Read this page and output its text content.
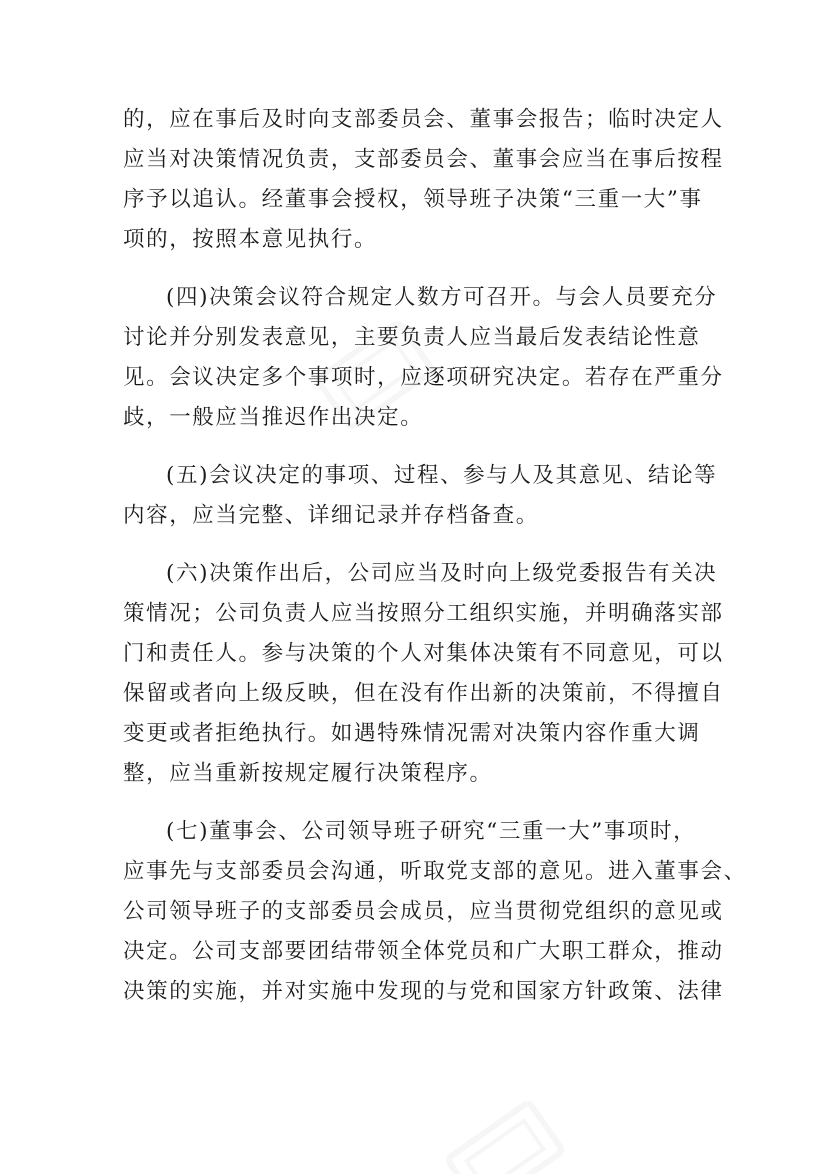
的，应在事后及时向支部委员会、董事会报告；临时决定人
应当对决策情况负责，支部委员会、董事会应当在事后按程
序予以追认。经董事会授权，领导班子决策“三重一大”事
项的，按照本意见执行。
(四)决策会议符合规定人数方可召开。与会人员要充分
讨论并分别发表意见，主要负责人应当最后发表结论性意
见。会议决定多个事项时，应逐项研究决定。若存在严重分
歧，一般应当推迟作出决定。
(五)会议决定的事项、过程、参与人及其意见、结论等
内容，应当完整、详细记录并存档备查。
(六)决策作出后，公司应当及时向上级党委报告有关决
策情况；公司负责人应当按照分工组织实施，并明确落实部
门和责任人。参与决策的个人对集体决策有不同意见，可以
保留或者向上级反映，但在没有作出新的决策前，不得擅自
变更或者拒绝执行。如遇特殊情况需对决策内容作重大调
整，应当重新按规定履行决策程序。
(七)董事会、公司领导班子研究“三重一大”事项时，
应事先与支部委员会沟通，听取党支部的意见。进入董事会、
公司领导班子的支部委员会成员，应当贯彻党组织的意见或
决定。公司支部要团结带领全体党员和广大职工群众，推动
决策的实施，并对实施中发现的与党和国家方针政策、法律
